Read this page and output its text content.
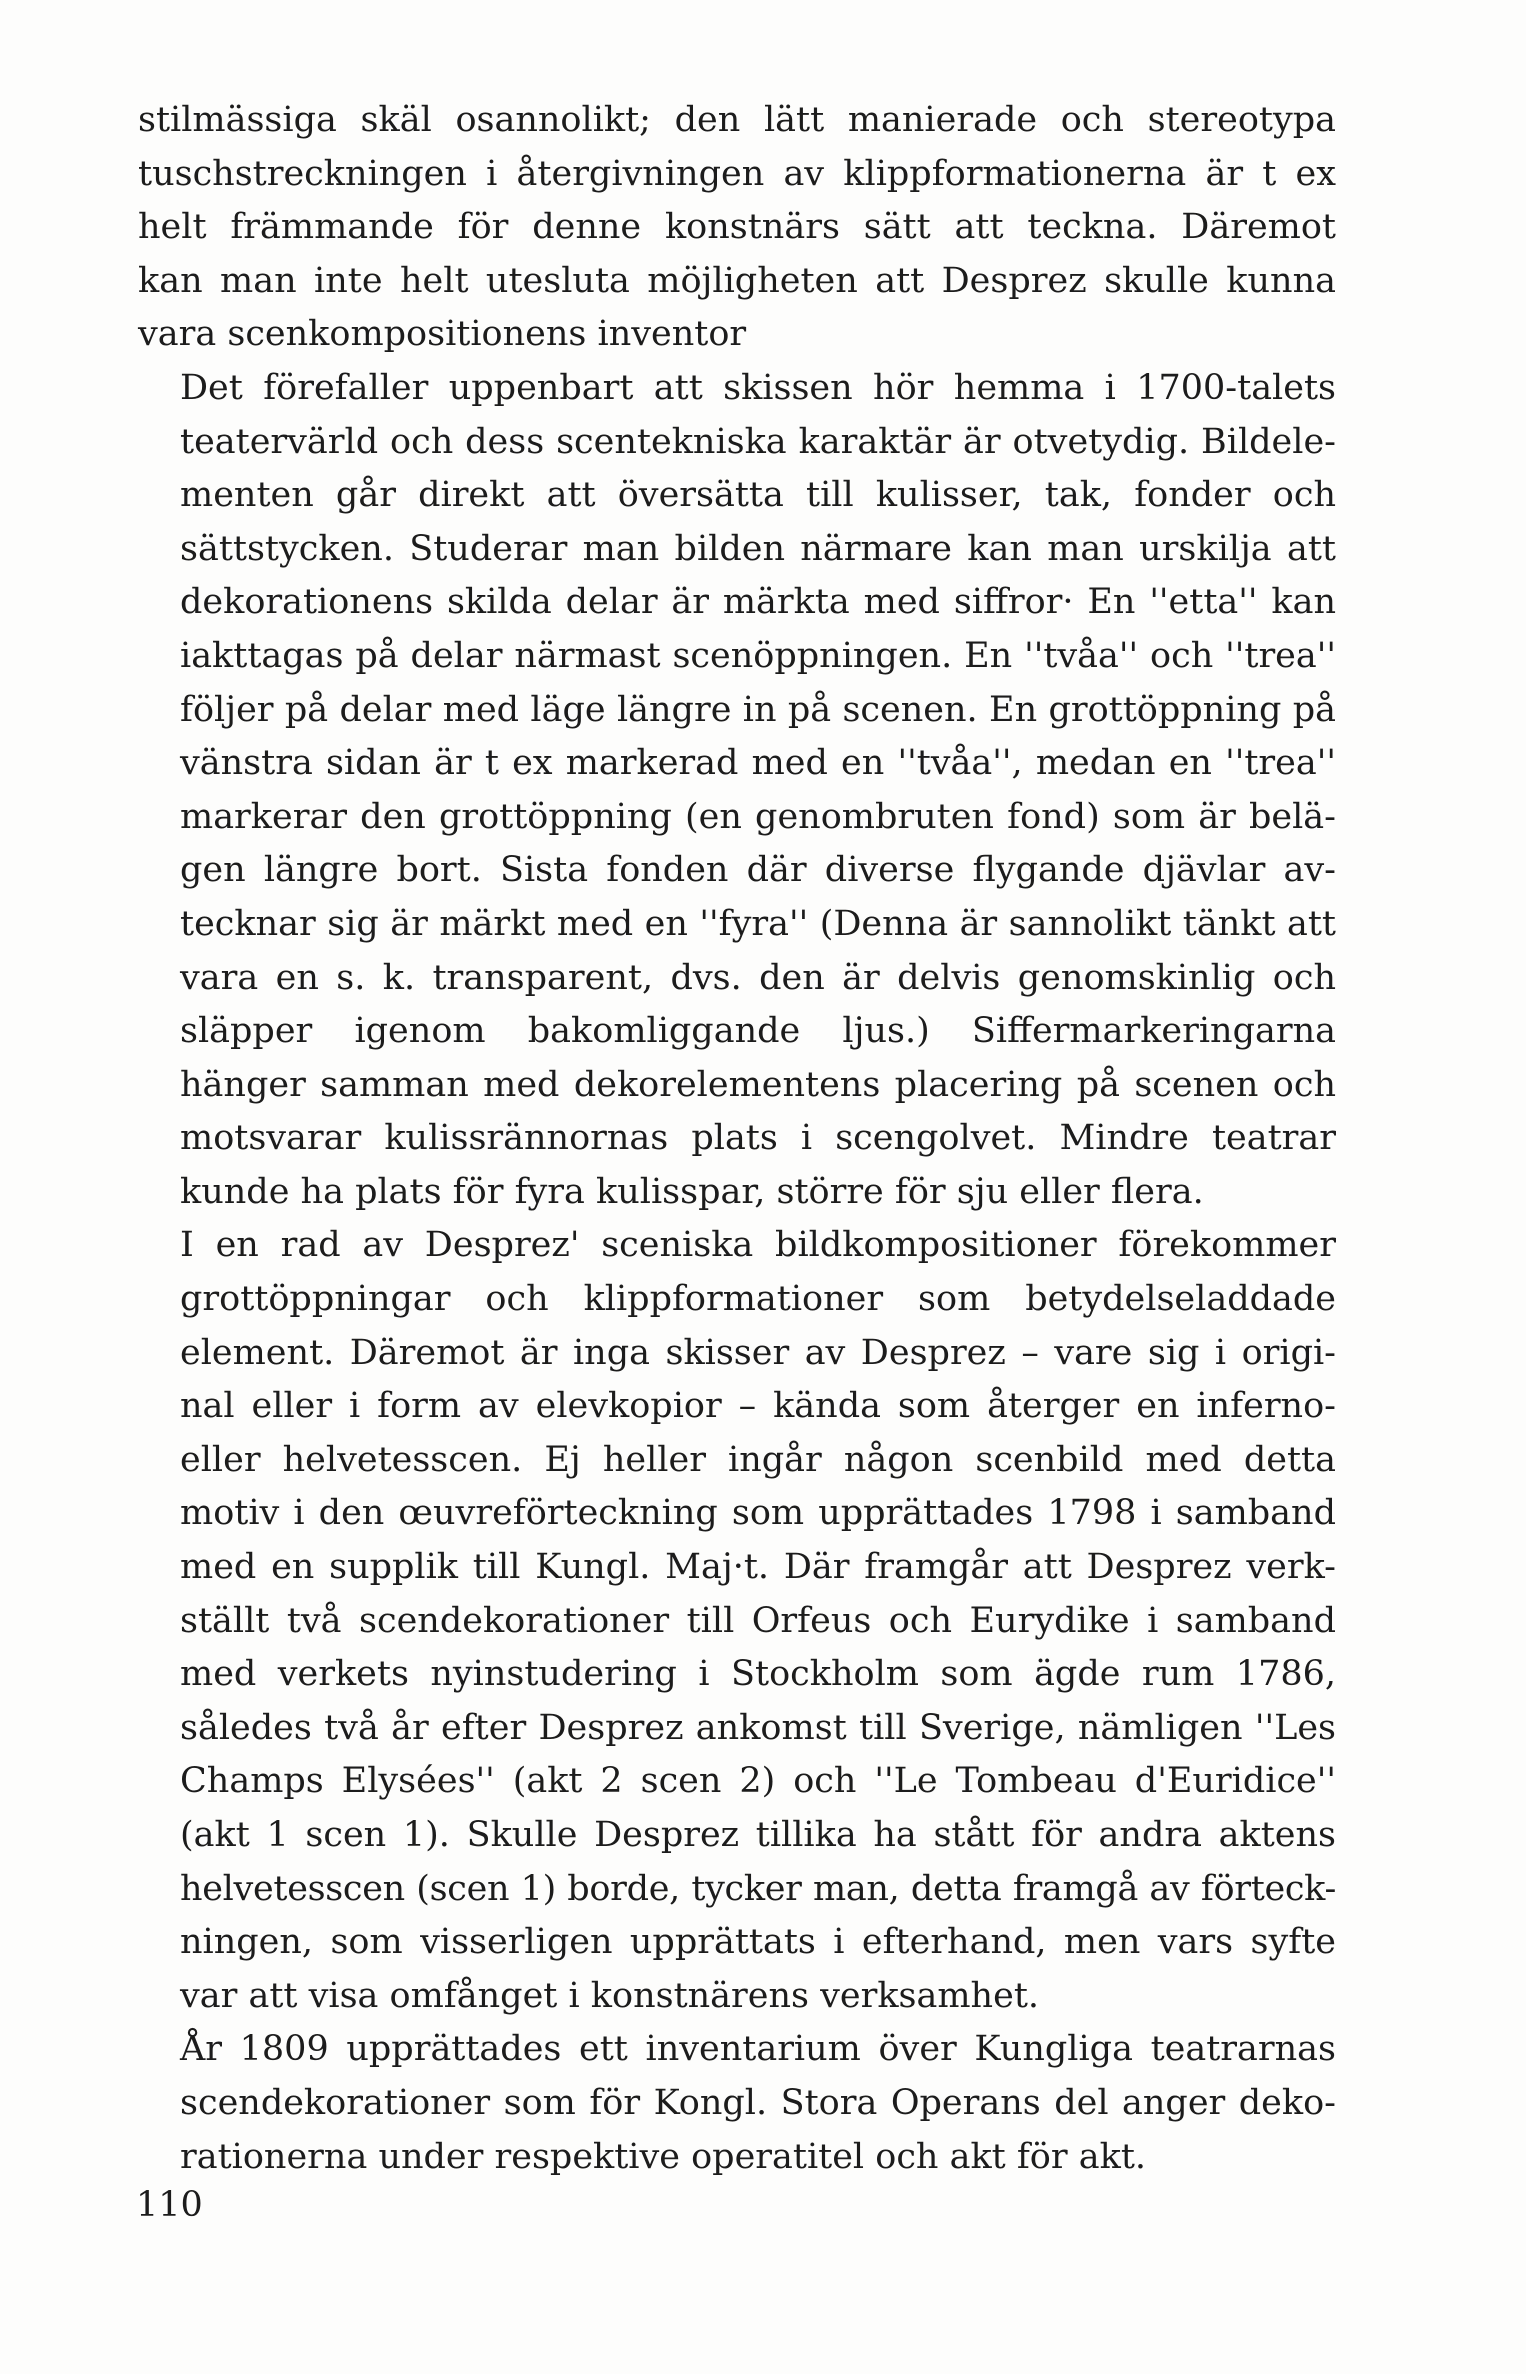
stilmässiga skäl osannolikt; den lätt manierade och stereotypa
tuschstreckningen i återgivningen av klippformationerna är t ex
helt främmande för denne konstnärs sätt att teckna. Däremot
kan man inte helt utesluta möjligheten att Desprez skulle kunna
vara scenkompositionens inventor
Det förefaller uppenbart att skissen hör hemma i 1700-talets
teatervärld och dess scentekniska karaktär är otvetydig. Bildele-
menten går direkt att översätta till kulisser, tak, fonder och
sättstycken. Studerar man bilden närmare kan man urskilja att
dekorationens skilda delar är märkta med siffror· En ''etta'' kan
iakttagas på delar närmast scenöppningen. En ''tvåa'' och ''trea''
följer på delar med läge längre in på scenen. En grottöppning på
vänstra sidan är t ex markerad med en ''tvåa'', medan en ''trea''
markerar den grottöppning (en genombruten fond) som är belä-
gen längre bort. Sista fonden där diverse flygande djävlar av-
tecknar sig är märkt med en ''fyra'' (Denna är sannolikt tänkt att
vara en s. k. transparent, dvs. den är delvis genomskinlig och
släpper igenom bakomliggande ljus.) Siffermarkeringarna
hänger samman med dekorelementens placering på scenen och
motsvarar kulissrännornas plats i scengolvet. Mindre teatrar
kunde ha plats för fyra kulisspar, större för sju eller flera.
I en rad av Desprez' sceniska bildkompositioner förekommer
grottöppningar och klippformationer som betydelseladdade
element. Däremot är inga skisser av Desprez – vare sig i origi-
nal eller i form av elevkopior – kända som återger en inferno-
eller helvetesscen. Ej heller ingår någon scenbild med detta
motiv i den œuvreförteckning som upprättades 1798 i samband
med en supplik till Kungl. Maj·t. Där framgår att Desprez verk-
ställt två scendekorationer till Orfeus och Eurydike i samband
med verkets nyinstudering i Stockholm som ägde rum 1786,
således två år efter Desprez ankomst till Sverige, nämligen ''Les
Champs Elysées'' (akt 2 scen 2) och ''Le Tombeau d'Euridice''
(akt 1 scen 1). Skulle Desprez tillika ha stått för andra aktens
helvetesscen (scen 1) borde, tycker man, detta framgå av förteck-
ningen, som visserligen upprättats i efterhand, men vars syfte
var att visa omfånget i konstnärens verksamhet.
År 1809 upprättades ett inventarium över Kungliga teatrarnas
scendekorationer som för Kongl. Stora Operans del anger deko-
rationerna under respektive operatitel och akt för akt.
110
